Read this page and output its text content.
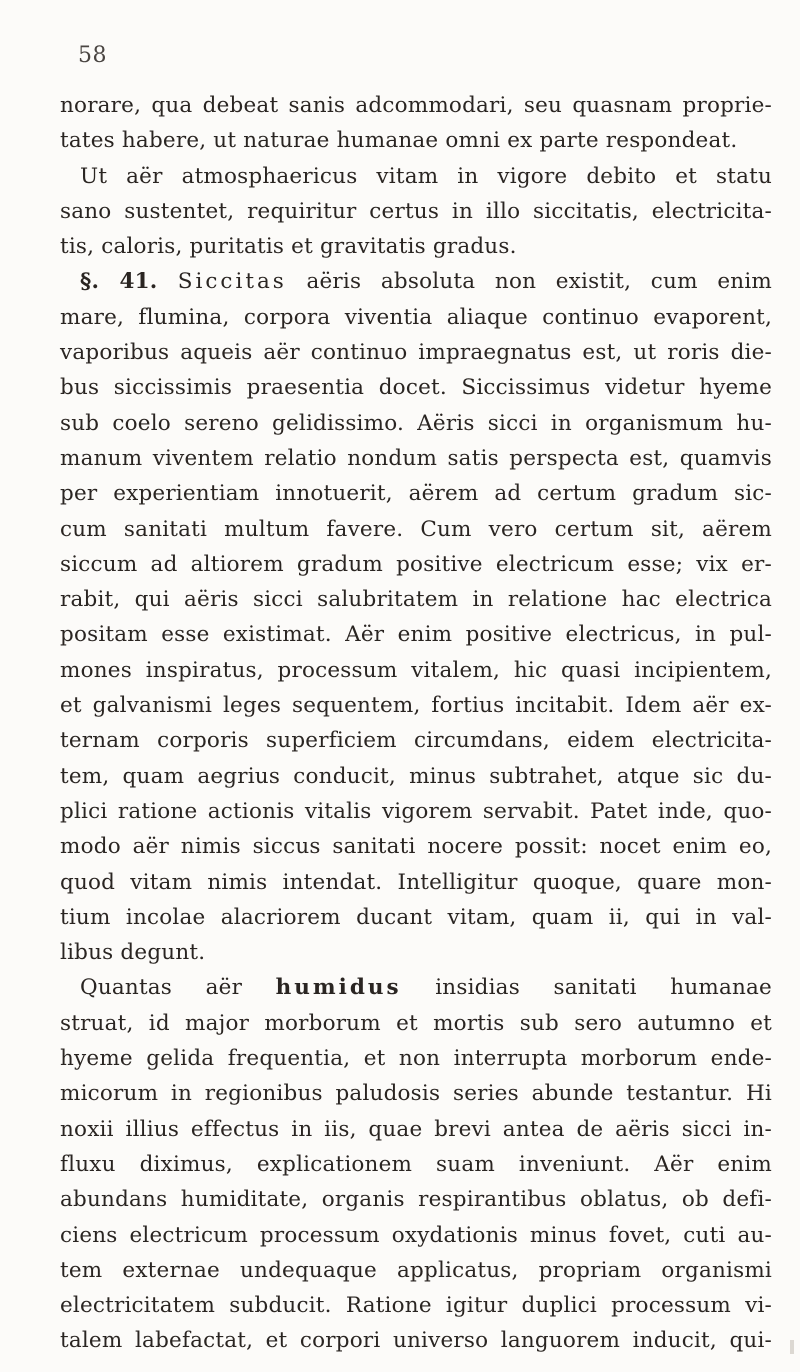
58
norare, qua debeat sanis adcommodari, seu quasnam proprie-
tates habere, ut naturae humanae omni ex parte respondeat.
Ut aër atmosphaericus vitam in vigore debito et statu
sano sustentet, requiritur certus in illo siccitatis, electricita-
tis, caloris, puritatis et gravitatis gradus.
§. 41. Siccitas aëris absoluta non existit, cum enim
mare, flumina, corpora viventia aliaque continuo evaporent,
vaporibus aqueis aër continuo impraegnatus est, ut roris die-
bus siccissimis praesentia docet. Siccissimus videtur hyeme
sub coelo sereno gelidissimo. Aëris sicci in organismum hu-
manum viventem relatio nondum satis perspecta est, quamvis
per experientiam innotuerit, aërem ad certum gradum sic-
cum sanitati multum favere. Cum vero certum sit, aërem
siccum ad altiorem gradum positive electricum esse; vix er-
rabit, qui aëris sicci salubritatem in relatione hac electrica
positam esse existimat. Aër enim positive electricus, in pul-
mones inspiratus, processum vitalem, hic quasi incipientem,
et galvanismi leges sequentem, fortius incitabit. Idem aër ex-
ternam corporis superficiem circumdans, eidem electricita-
tem, quam aegrius conducit, minus subtrahet, atque sic du-
plici ratione actionis vitalis vigorem servabit. Patet inde, quo-
modo aër nimis siccus sanitati nocere possit: nocet enim eo,
quod vitam nimis intendat. Intelligitur quoque, quare mon-
tium incolae alacriorem ducant vitam, quam ii, qui in val-
libus degunt.
Quantas aër humidus insidias sanitati humanae
struat, id major morborum et mortis sub sero autumno et
hyeme gelida frequentia, et non interrupta morborum ende-
micorum in regionibus paludosis series abunde testantur. Hi
noxii illius effectus in iis, quae brevi antea de aëris sicci in-
fluxu diximus, explicationem suam inveniunt. Aër enim
abundans humiditate, organis respirantibus oblatus, ob defi-
ciens electricum processum oxydationis minus fovet, cuti au-
tem externae undequaque applicatus, propriam organismi
electricitatem subducit. Ratione igitur duplici processum vi-
talem labefactat, et corpori universo languorem inducit, qui-
